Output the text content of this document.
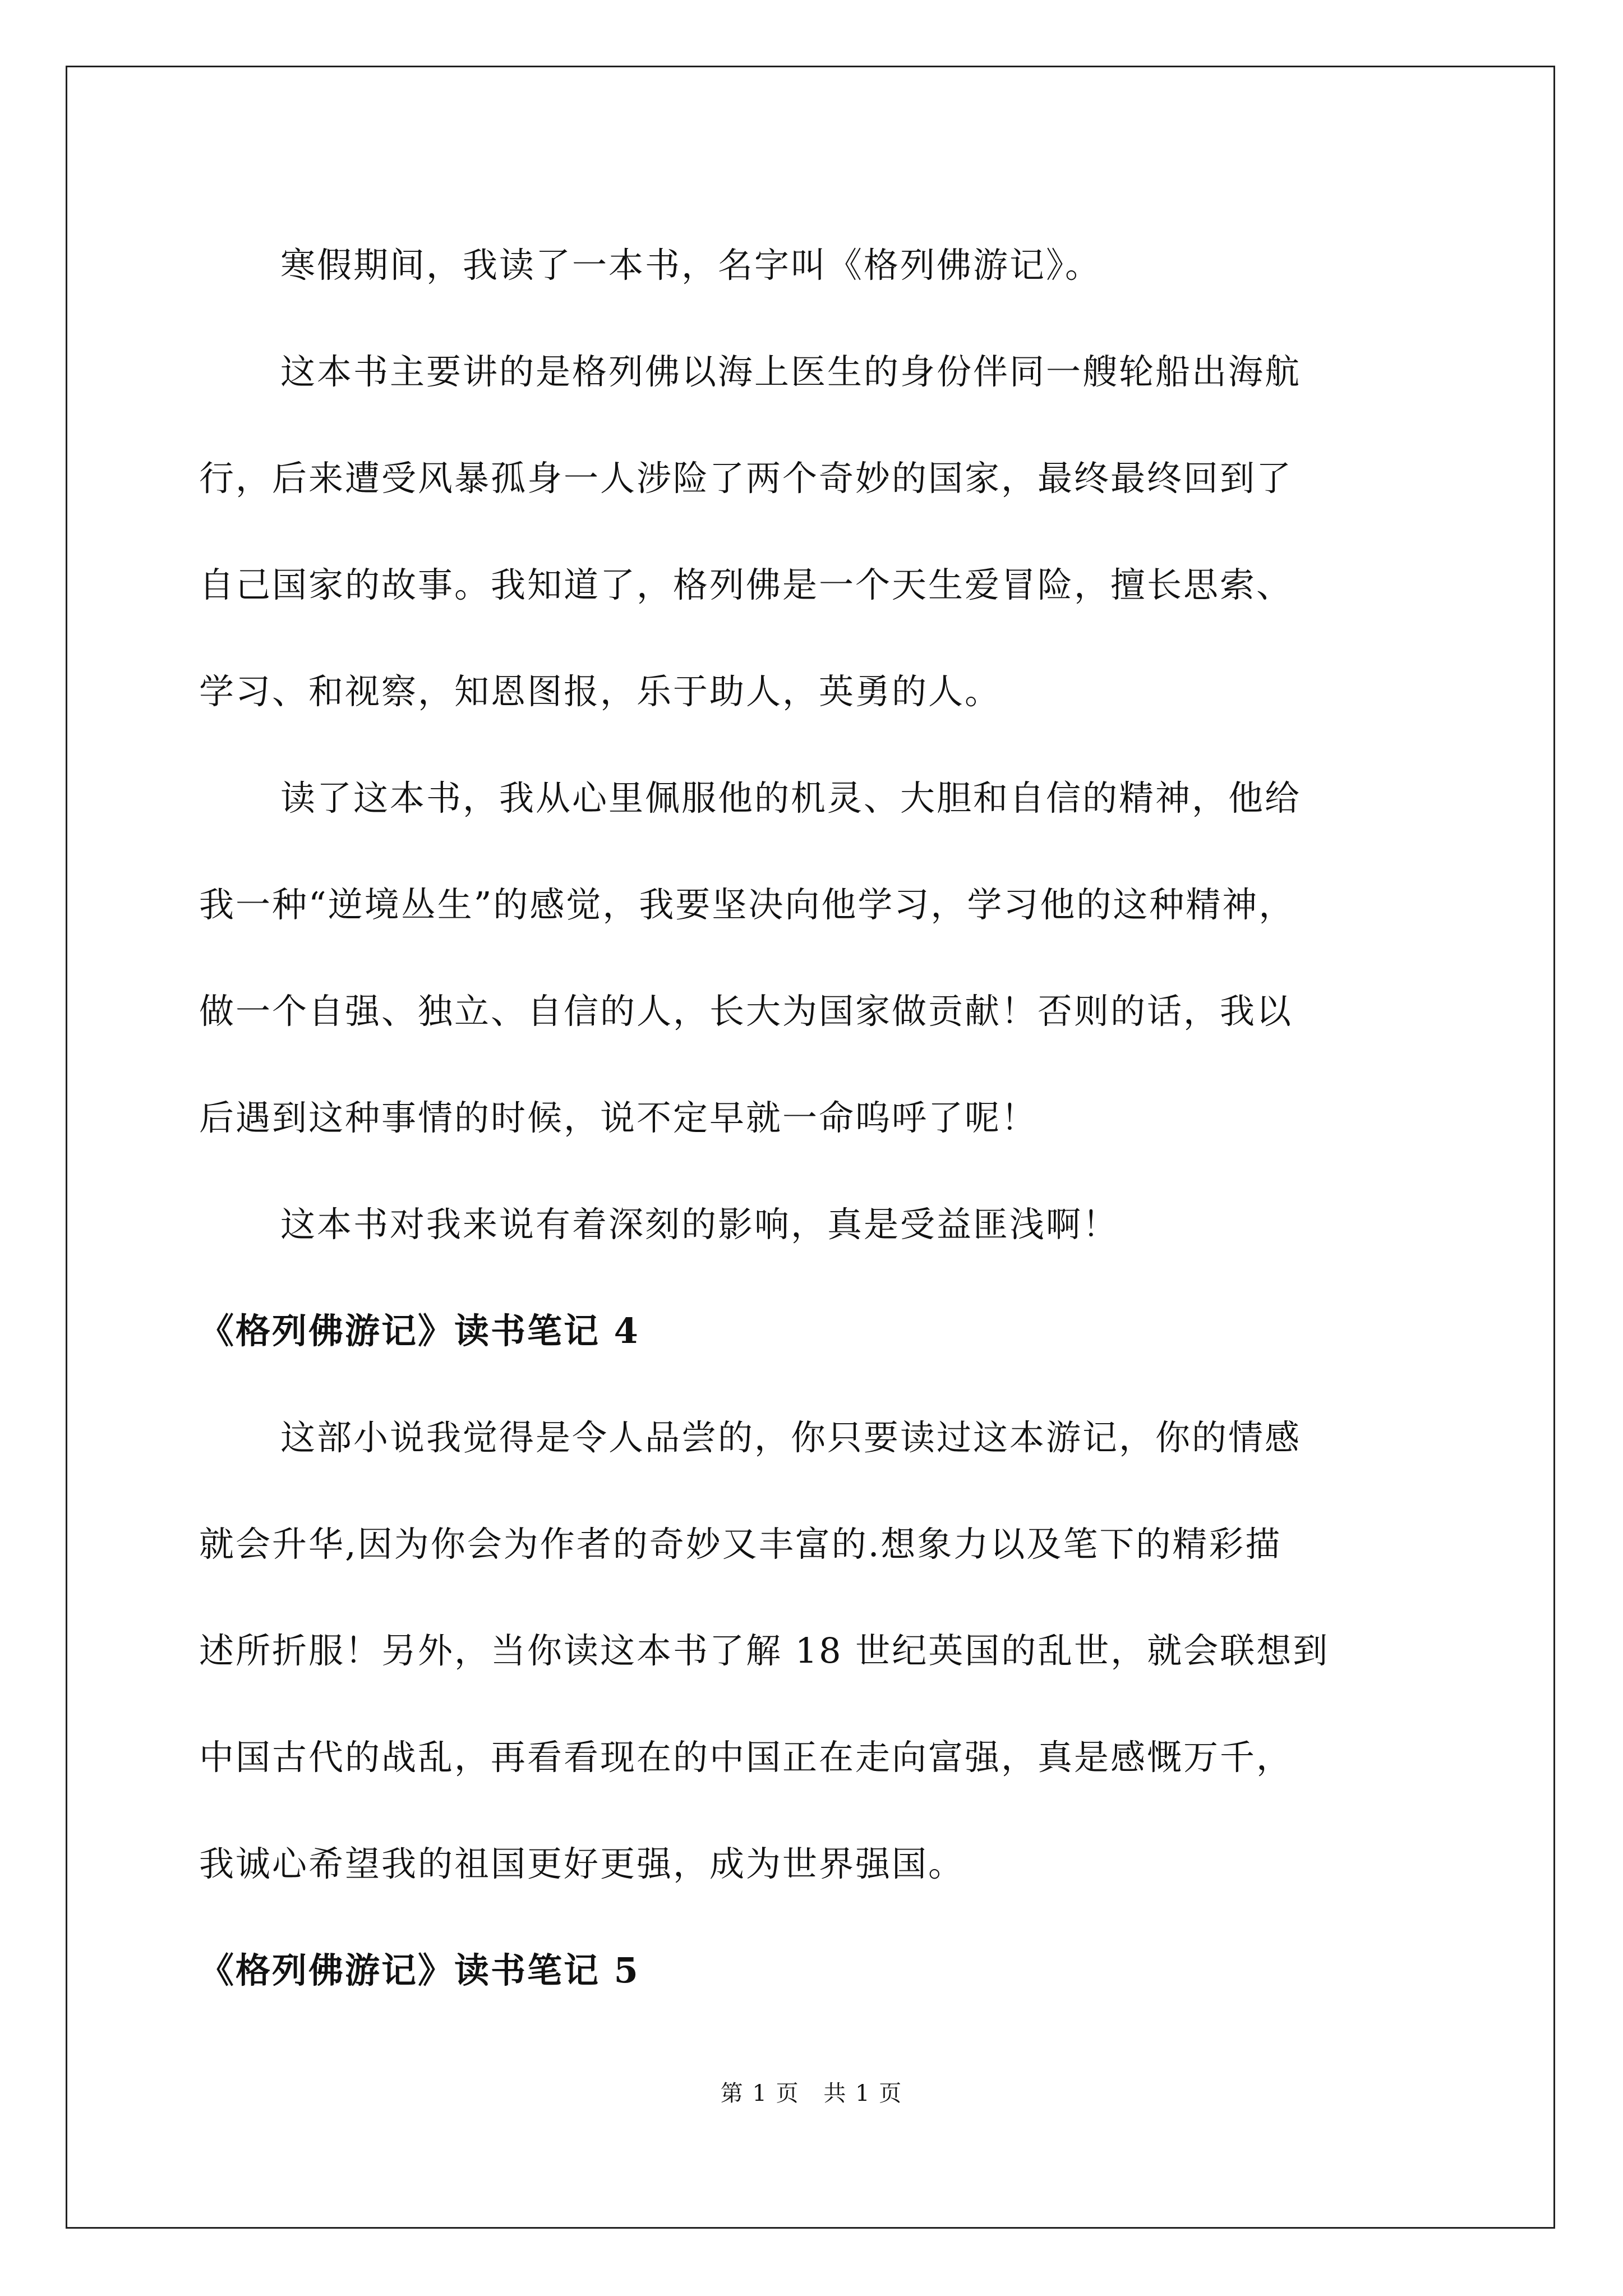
寒假期间，我读了一本书，名字叫《格列佛游记》。

这本书主要讲的是格列佛以海上医生的身份伴同一艘轮船出海航
行，后来遭受风暴孤身一人涉险了两个奇妙的国家，最终最终回到了
自己国家的故事。我知道了，格列佛是一个天生爱冒险，擅长思索、
学习、和视察，知恩图报，乐于助人，英勇的人。

读了这本书，我从心里佩服他的机灵、大胆和自信的精神，他给
我一种“逆境丛生”的感觉，我要坚决向他学习，学习他的这种精神，
做一个自强、独立、自信的人，长大为国家做贡献！否则的话，我以
后遇到这种事情的时候，说不定早就一命呜呼了呢！

这本书对我来说有着深刻的影响，真是受益匪浅啊！

《格列佛游记》读书笔记 4

这部小说我觉得是令人品尝的，你只要读过这本游记，你的情感
就会升华,因为你会为作者的奇妙又丰富的.想象力以及笔下的精彩描
述所折服！另外，当你读这本书了解 18 世纪英国的乱世，就会联想到
中国古代的战乱，再看看现在的中国正在走向富强，真是感慨万千，
我诚心希望我的祖国更好更强，成为世界强国。

《格列佛游记》读书笔记 5
第 1 页 共 1 页
